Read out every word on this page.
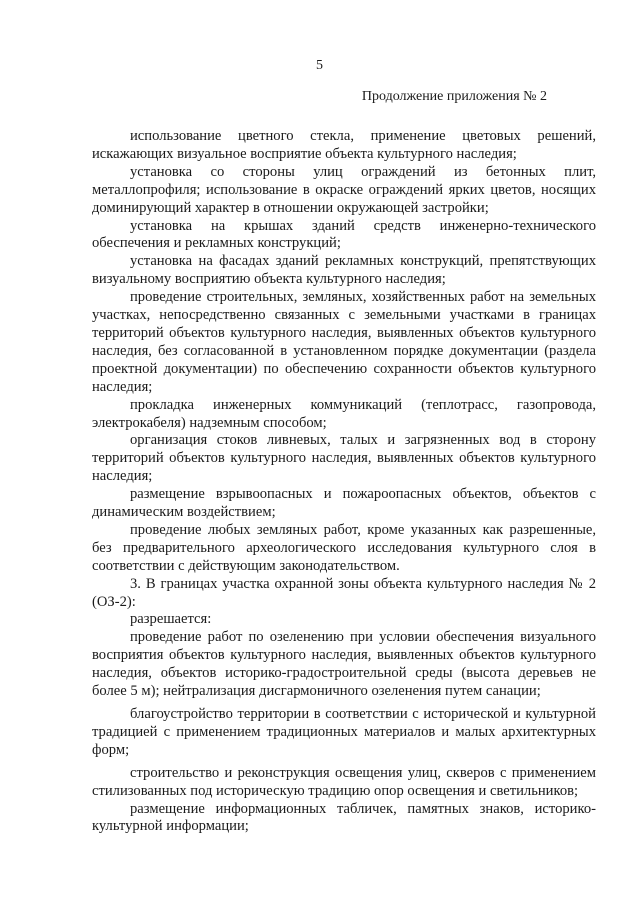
5
Продолжение приложения № 2

использование цветного стекла, применение цветовых решений, искажающих визуальное восприятие объекта культурного наследия;

установка со стороны улиц ограждений из бетонных плит, металлопрофиля; использование в окраске ограждений ярких цветов, носящих доминирующий характер в отношении окружающей застройки;

установка на крышах зданий средств инженерно-технического обеспечения и рекламных конструкций;

установка на фасадах зданий рекламных конструкций, препятствующих визуальному восприятию объекта культурного наследия;

проведение строительных, земляных, хозяйственных работ на земельных участках, непосредственно связанных с земельными участками в границах территорий объектов культурного наследия, выявленных объектов культурного наследия, без согласованной в установленном порядке документации (раздела проектной документации) по обеспечению сохранности объектов культурного наследия;

прокладка инженерных коммуникаций (теплотрасс, газопровода, электрокабеля) надземным способом;

организация стоков ливневых, талых и загрязненных вод в сторону территорий объектов культурного наследия, выявленных объектов культурного наследия;

размещение взрывоопасных и пожароопасных объектов, объектов с динамическим воздействием;

проведение любых земляных работ, кроме указанных как разрешенные, без предварительного археологического исследования культурного слоя в соответствии с действующим законодательством.

3. В границах участка охранной зоны объекта культурного наследия № 2 (ОЗ-2):

разрешается:

проведение работ по озеленению при условии обеспечения визуального восприятия объектов культурного наследия, выявленных объектов культурного наследия, объектов историко-градостроительной среды (высота деревьев не более 5 м); нейтрализация дисгармоничного озеленения путем санации;

благоустройство территории в соответствии с исторической и культурной традицией с применением традиционных материалов и малых архитектурных форм;

строительство и реконструкция освещения улиц, скверов с применением стилизованных под историческую традицию опор освещения и светильников;

размещение информационных табличек, памятных знаков, историко-культурной информации;
